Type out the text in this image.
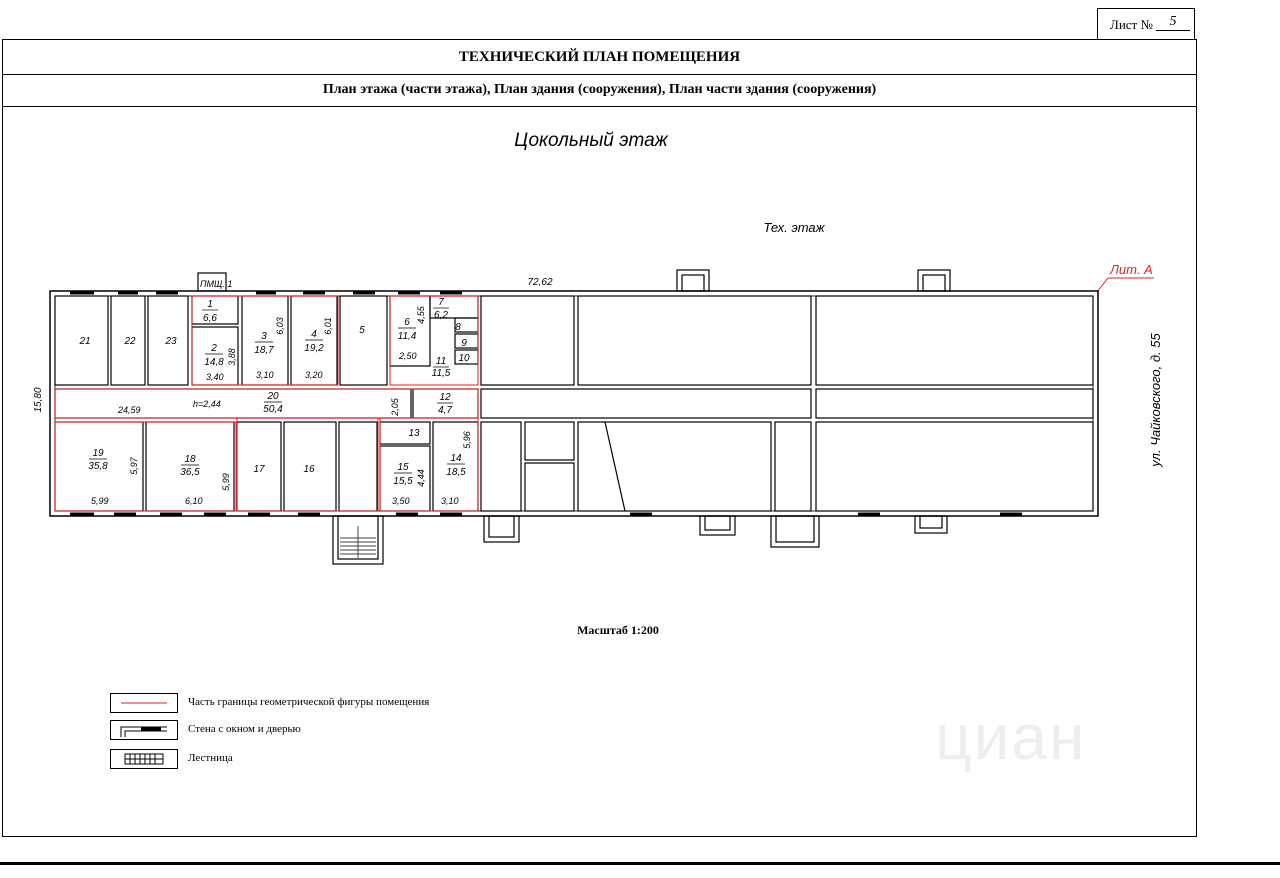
Лист №	5
ТЕХНИЧЕСКИЙ ПЛАН ПОМЕЩЕНИЯ
План этажа (части этажа), План здания (сооружения), План части здания (сооружения)
циан
Цокольный этаж
Тех. этаж
72,62
Лит. А
ул. Чайковского, д. 55
15,80
21	22	23
1
6,6
2
14,8
3
18,7
4
19,2
5
6
11,4
7
6,2
8
9
10
11
11,5
12
4,7
13
14
18,5
15
15,5
16
17
18
36,5
19
35,8
20
50,4
ПМЩ. 1
h=2,44
24,59
3,88
3,40
6,03
3,10
6,01
3,20
4,55
2,50
2,05
5,96
5,97
5,99	6,10
5,99
3,50
4,44
3,10
Масштаб 1:200
Часть границы геометрической фигуры помещения
Стена с окном и дверью
Лестница
